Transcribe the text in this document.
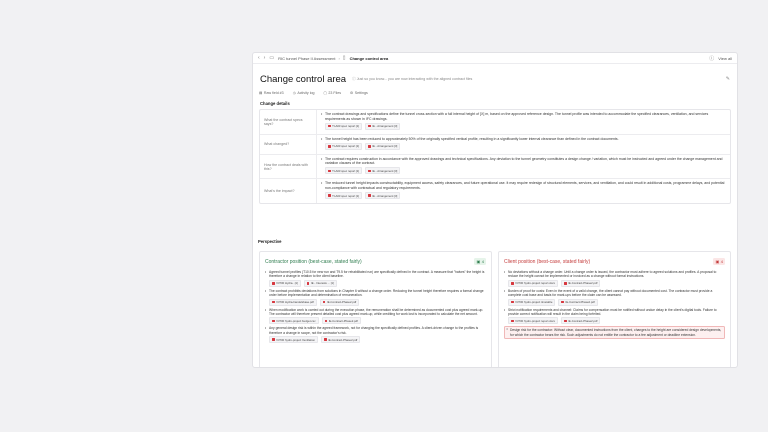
‹ › ▭ RIC tunnel Phase II Assessment › ▯ Change control area	ⓘ View all
Change control area ⓘ Just so you know... you are now interacting with the aligned contract files	✎
▤ Raw field #3	◷ Activity log	▢ 23 Files	⚙ Settings
Change details
What the contract specs says?
• The contract drawings and specifications define the tunnel cross-section with a full internal height of [X] m, based on the approved reference design. The tunnel profile was intended to accommodate the specified clearances, ventilation, and services requirements as shown in IFC drawings.
TI-A03 spec report [1]	IE - Arrangement [3]
What changed?
• The tunnel height has been reduced to approximately 50% of the originally specified vertical profile, resulting in a significantly lower internal clearance than defined in the contract documents.
TI-A03 spec report [1]	IE - Arrangement [3]
How the contract deals with this?
• The contract requires construction in accordance with the approved drawings and technical specifications. Any deviation to the tunnel geometry constitutes a design change / variation, which must be instructed and agreed under the change management and variation clauses of the contract.
TI-A03 spec report [1]	IE - Arrangement [3]
What's the impact?
• The reduced tunnel height impacts constructability, equipment access, safety clearances, and future operational use. It may require redesign of structural elements, services, and ventilation, and could result in additional costs, programme delays, and potential non-compliance with contractual and regulatory requirements.
TI-A03 spec report [1]	IE - Arrangement [3]
Perspective
Contractor position (best-case, stated fairly)	▣ 4
• Agreed tunnel profiles (T10.5 for new run and T9.5 for rehabilitated run) are specifically defined in the contract. A measure that "halves" the height is therefore a change in relation to the client baseline.
V3700 Hydra...[1]	IE - Interests ... [1]
• The contract prohibits deviations from solutions in Chapter 6 without a change order. Reducing the tunnel height therefore requires a formal change order before implementation and determination of remuneration.
V3700 Hydra-handelsbase.pdf	IE-Contract-Phase2.pdf
• When modification work is carried out during the execution phase, the remuneration shall be determined as documented cost plus agreed mark-up. The contractor will therefore present detailed cost plus agreed mark-up, while crediting for work lost is incorporated to calculate the net amount.
V3700 hydro-project budget.csv	IE-Contract-Phase2.pdf
• Any general design risk is within the agreed framework, not for changing the specifically defined profiles. A client-driven change to the profiles is therefore a change in scope, not the contractor's risk.
V3700 hydro-project Ventilation	IE-Contract-Phase2.pdf
Client position (best-case, stated fairly)	▣ 4
• No deviations without a change order. Until a change order is issued, the contractor must adhere to agreed solutions and profiles. A proposal to reduce the height cannot be implemented or invoiced as a change without formal instructions.
V3700 hydro-project report.docx	IE-Contract-Phase2.pdf
• Burden of proof for costs: Even in the event of a valid change, the client cannot pay without documented cost. The contractor must provide a complete cost base and basis for mark-ups before the claim can be assessed.
V3700 hydro-project timetable	IE-Contract-Phase2.pdf
• Strict notification requirements and channel: Claims for compensation must be notified without undue delay in the client's digital tools. Failure to provide correct notification will result in the claim being forfeited.
V3700 hydro-project report.docx	IE-Contract-Phase2.pdf
• Design risk for the contractor: Without clear, documented instructions from the client, changes to the height are considered design developments, for which the contractor bears the risk. Such adjustments do not entitle the contractor to a fee adjustment or deadline extension.
